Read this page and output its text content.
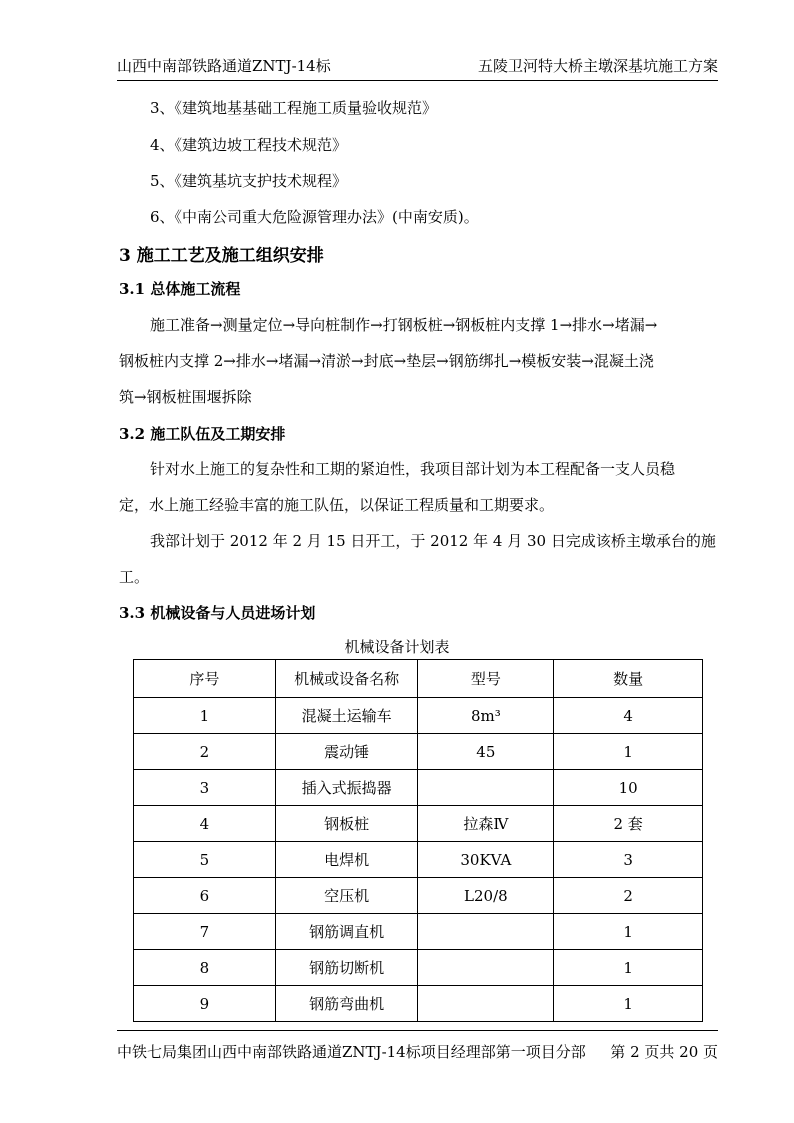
山西中南部铁路通道ZNTJ-14标	五陵卫河特大桥主墩深基坑施工方案
3、《建筑地基基础工程施工质量验收规范》
4、《建筑边坡工程技术规范》
5、《建筑基坑支护技术规程》
6、《中南公司重大危险源管理办法》(中南安质)。
3 施工工艺及施工组织安排
3.1 总体施工流程
施工准备→测量定位→导向桩制作→打钢板桩→钢板桩内支撑 1→排水→堵漏→
钢板桩内支撑 2→排水→堵漏→清淤→封底→垫层→钢筋绑扎→模板安装→混凝土浇
筑→钢板桩围堰拆除
3.2 施工队伍及工期安排
针对水上施工的复杂性和工期的紧迫性，我项目部计划为本工程配备一支人员稳
定，水上施工经验丰富的施工队伍，以保证工程质量和工期要求。
我部计划于 2012 年 2 月 15 日开工，于 2012 年 4 月 30 日完成该桥主墩承台的施
工。
3.3 机械设备与人员进场计划
机械设备计划表
序号	机械或设备名称	型号	数量
1	混凝土运输车	8m³	4
2	震动锤	45	1
3	插入式振捣器		10
4	钢板桩	拉森Ⅳ	2 套
5	电焊机	30KVA	3
6	空压机	L20/8	2
7	钢筋调直机		1
8	钢筋切断机		1
9	钢筋弯曲机		1
中铁七局集团山西中南部铁路通道ZNTJ-14标项目经理部第一项目分部 第 2 页共 20 页
